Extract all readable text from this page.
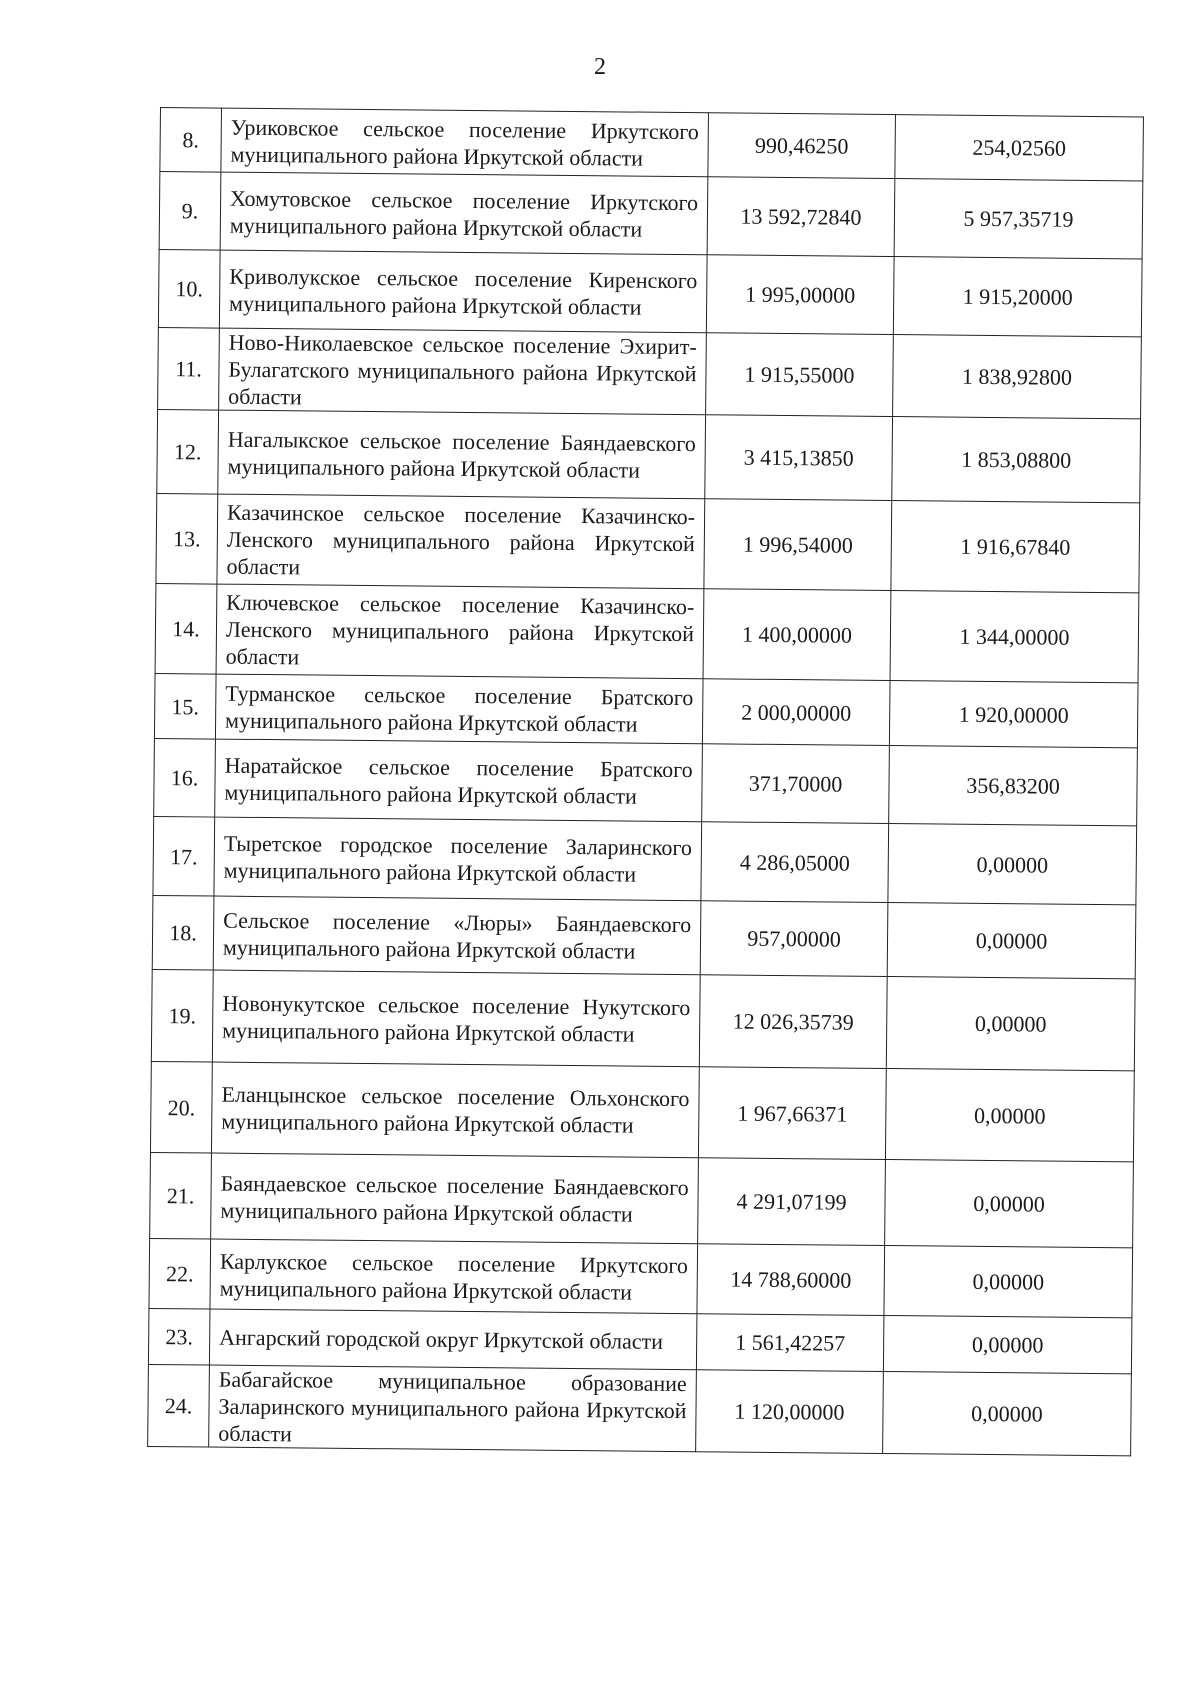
2
8.	Уриковское сельское поселение Иркутского муниципального района Иркутской области	990,46250	254,02560
9.	Хомутовское сельское поселение Иркутского муниципального района Иркутской области	13 592,72840	5 957,35719
10.	Криволукское сельское поселение Киренского муниципального района Иркутской области	1 995,00000	1 915,20000
11.	Ново-Николаевское сельское поселение Эхирит-Булагатского муниципального района Иркутской области	1 915,55000	1 838,92800
12.	Нагалыкское сельское поселение Баяндаевского муниципального района Иркутской области	3 415,13850	1 853,08800
13.	Казачинское сельское поселение Казачинско-Ленского муниципального района Иркутской области	1 996,54000	1 916,67840
14.	Ключевское сельское поселение Казачинско-Ленского муниципального района Иркутской области	1 400,00000	1 344,00000
15.	Турманское сельское поселение Братского муниципального района Иркутской области	2 000,00000	1 920,00000
16.	Наратайское сельское поселение Братского муниципального района Иркутской области	371,70000	356,83200
17.	Тыретское городское поселение Заларинского муниципального района Иркутской области	4 286,05000	0,00000
18.	Сельское поселение «Люры» Баяндаевского муниципального района Иркутской области	957,00000	0,00000
19.	Новонукутское сельское поселение Нукутского муниципального района Иркутской области	12 026,35739	0,00000
20.	Еланцынское сельское поселение Ольхонского муниципального района Иркутской области	1 967,66371	0,00000
21.	Баяндаевское сельское поселение Баяндаевского муниципального района Иркутской области	4 291,07199	0,00000
22.	Карлукское сельское поселение Иркутского муниципального района Иркутской области	14 788,60000	0,00000
23.	Ангарский городской округ Иркутской области	1 561,42257	0,00000
24.	Бабагайское муниципальное образование Заларинского муниципального района Иркутской области	1 120,00000	0,00000
